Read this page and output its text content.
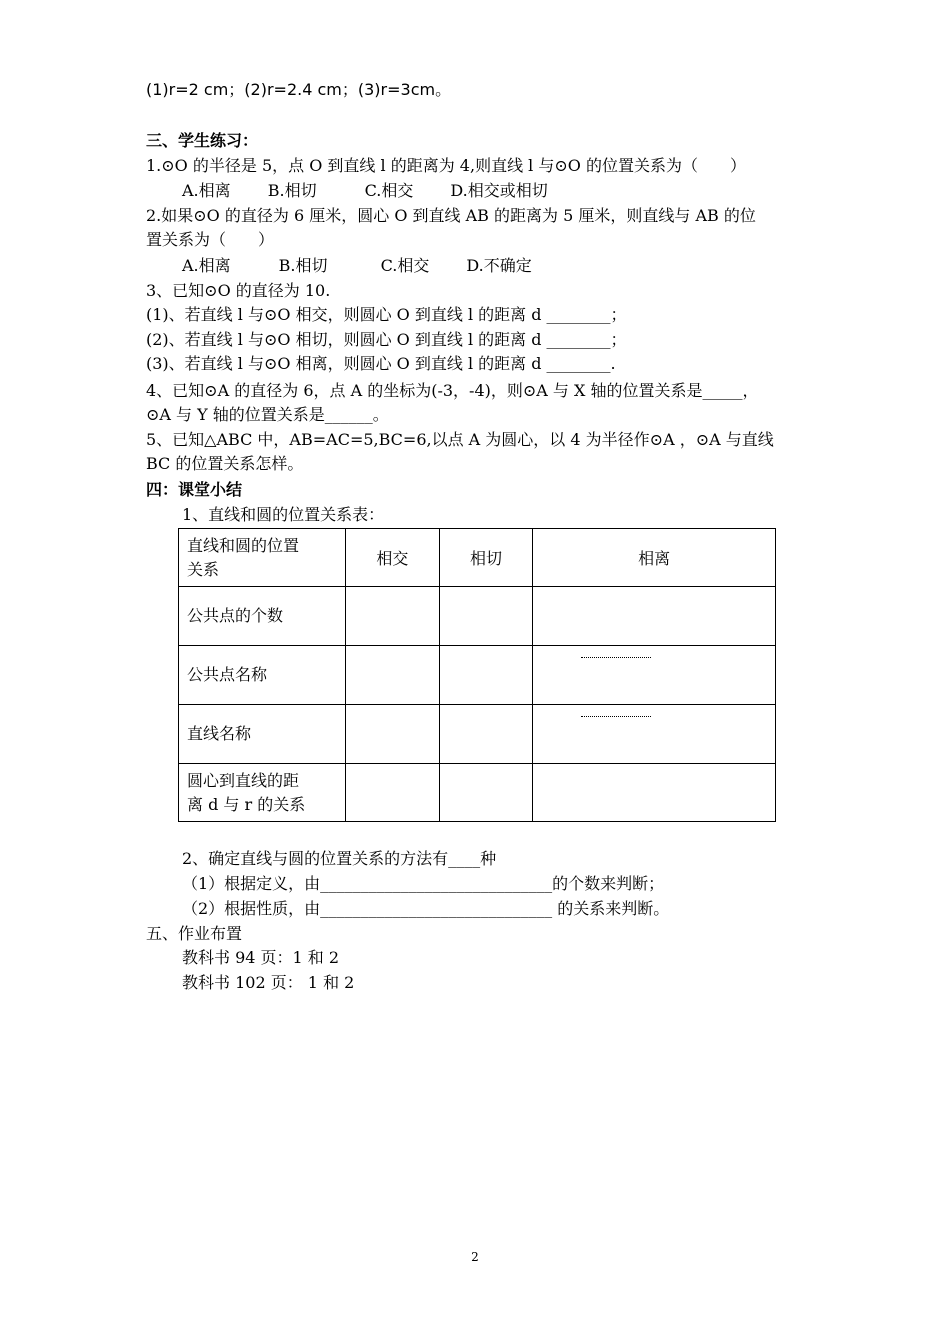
(1)r=2 cm；(2)r=2.4 cm；(3)r=3cm。
三、学生练习：
1.⊙O 的半径是 5，点 O 到直线 l 的距离为 4,则直线 l 与⊙O 的位置关系为（　　）
A.相离　　 B.相切　　　C.相交　　 D.相交或相切
2.如果⊙O 的直径为 6 厘米，圆心 O 到直线 AB 的距离为 5 厘米，则直线与 AB 的位
置关系为（　　）
A.相离　　　B.相切　　　 C.相交　　 D.不确定
3、已知⊙O 的直径为 10.
(1)、若直线 l 与⊙O 相交，则圆心 O 到直线 l 的距离 d ________；
(2)、若直线 l 与⊙O 相切，则圆心 O 到直线 l 的距离 d ________；
(3)、若直线 l 与⊙O 相离，则圆心 O 到直线 l 的距离 d ________.
4、已知⊙A 的直径为 6，点 A 的坐标为(-3，-4)，则⊙A 与 X 轴的位置关系是_____，
⊙A 与 Y 轴的位置关系是______。
5、已知△ABC 中，AB=AC=5,BC=6,以点 A 为圆心，以 4 为半径作⊙A ，⊙A 与直线
BC 的位置关系怎样。
四：课堂小结
1、直线和圆的位置关系表：
直线和圆的位置
关系	相交	相切	相离
公共点的个数			
公共点名称			

直线名称			

圆心到直线的距
离 d 与 r 的关系			
2、确定直线与圆的位置关系的方法有____种
（1）根据定义，由_____________________________的个数来判断；
（2）根据性质，由_____________________________ 的关系来判断。
五、作业布置
教科书 94 页：1 和 2
教科书 102 页： 1 和 2
2
